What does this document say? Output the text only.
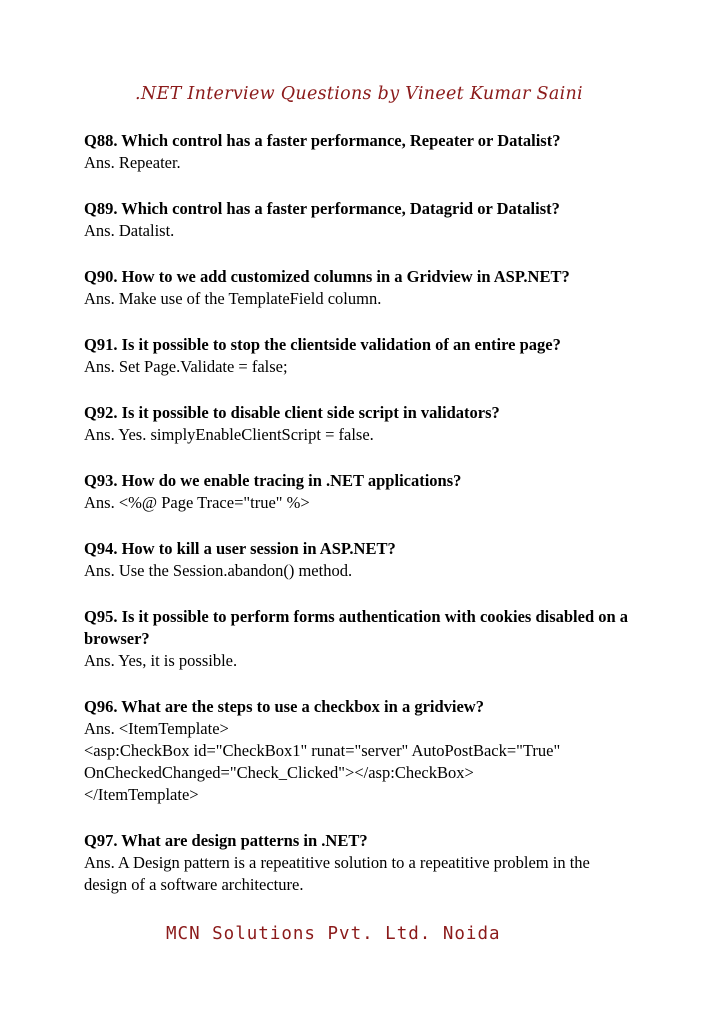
.NET Interview Questions by Vineet Kumar Saini

Q88. Which control has a faster performance, Repeater or Datalist?

Ans. Repeater.

Q89. Which control has a faster performance, Datagrid or Datalist?

Ans. Datalist.

Q90. How to we add customized columns in a Gridview in ASP.NET?

Ans. Make use of the TemplateField column.

Q91. Is it possible to stop the clientside validation of an entire page?

Ans. Set Page.Validate = false;

Q92. Is it possible to disable client side script in validators?

Ans. Yes. simplyEnableClientScript = false.

Q93. How do we enable tracing in .NET applications?

Ans. <%@ Page Trace="true" %>

Q94. How to kill a user session in ASP.NET?

Ans. Use the Session.abandon() method.

Q95. Is it possible to perform forms authentication with cookies disabled on a browser?

Ans. Yes, it is possible.

Q96. What are the steps to use a checkbox in a gridview?

Ans. <ItemTemplate>

<asp:CheckBox id="CheckBox1" runat="server" AutoPostBack="True"

OnCheckedChanged="Check_Clicked"></asp:CheckBox>

</ItemTemplate>

Q97. What are design patterns in .NET?

Ans. A Design pattern is a repeatitive solution to a repeatitive problem in the

design of a software architecture.

MCN Solutions Pvt. Ltd. Noida
